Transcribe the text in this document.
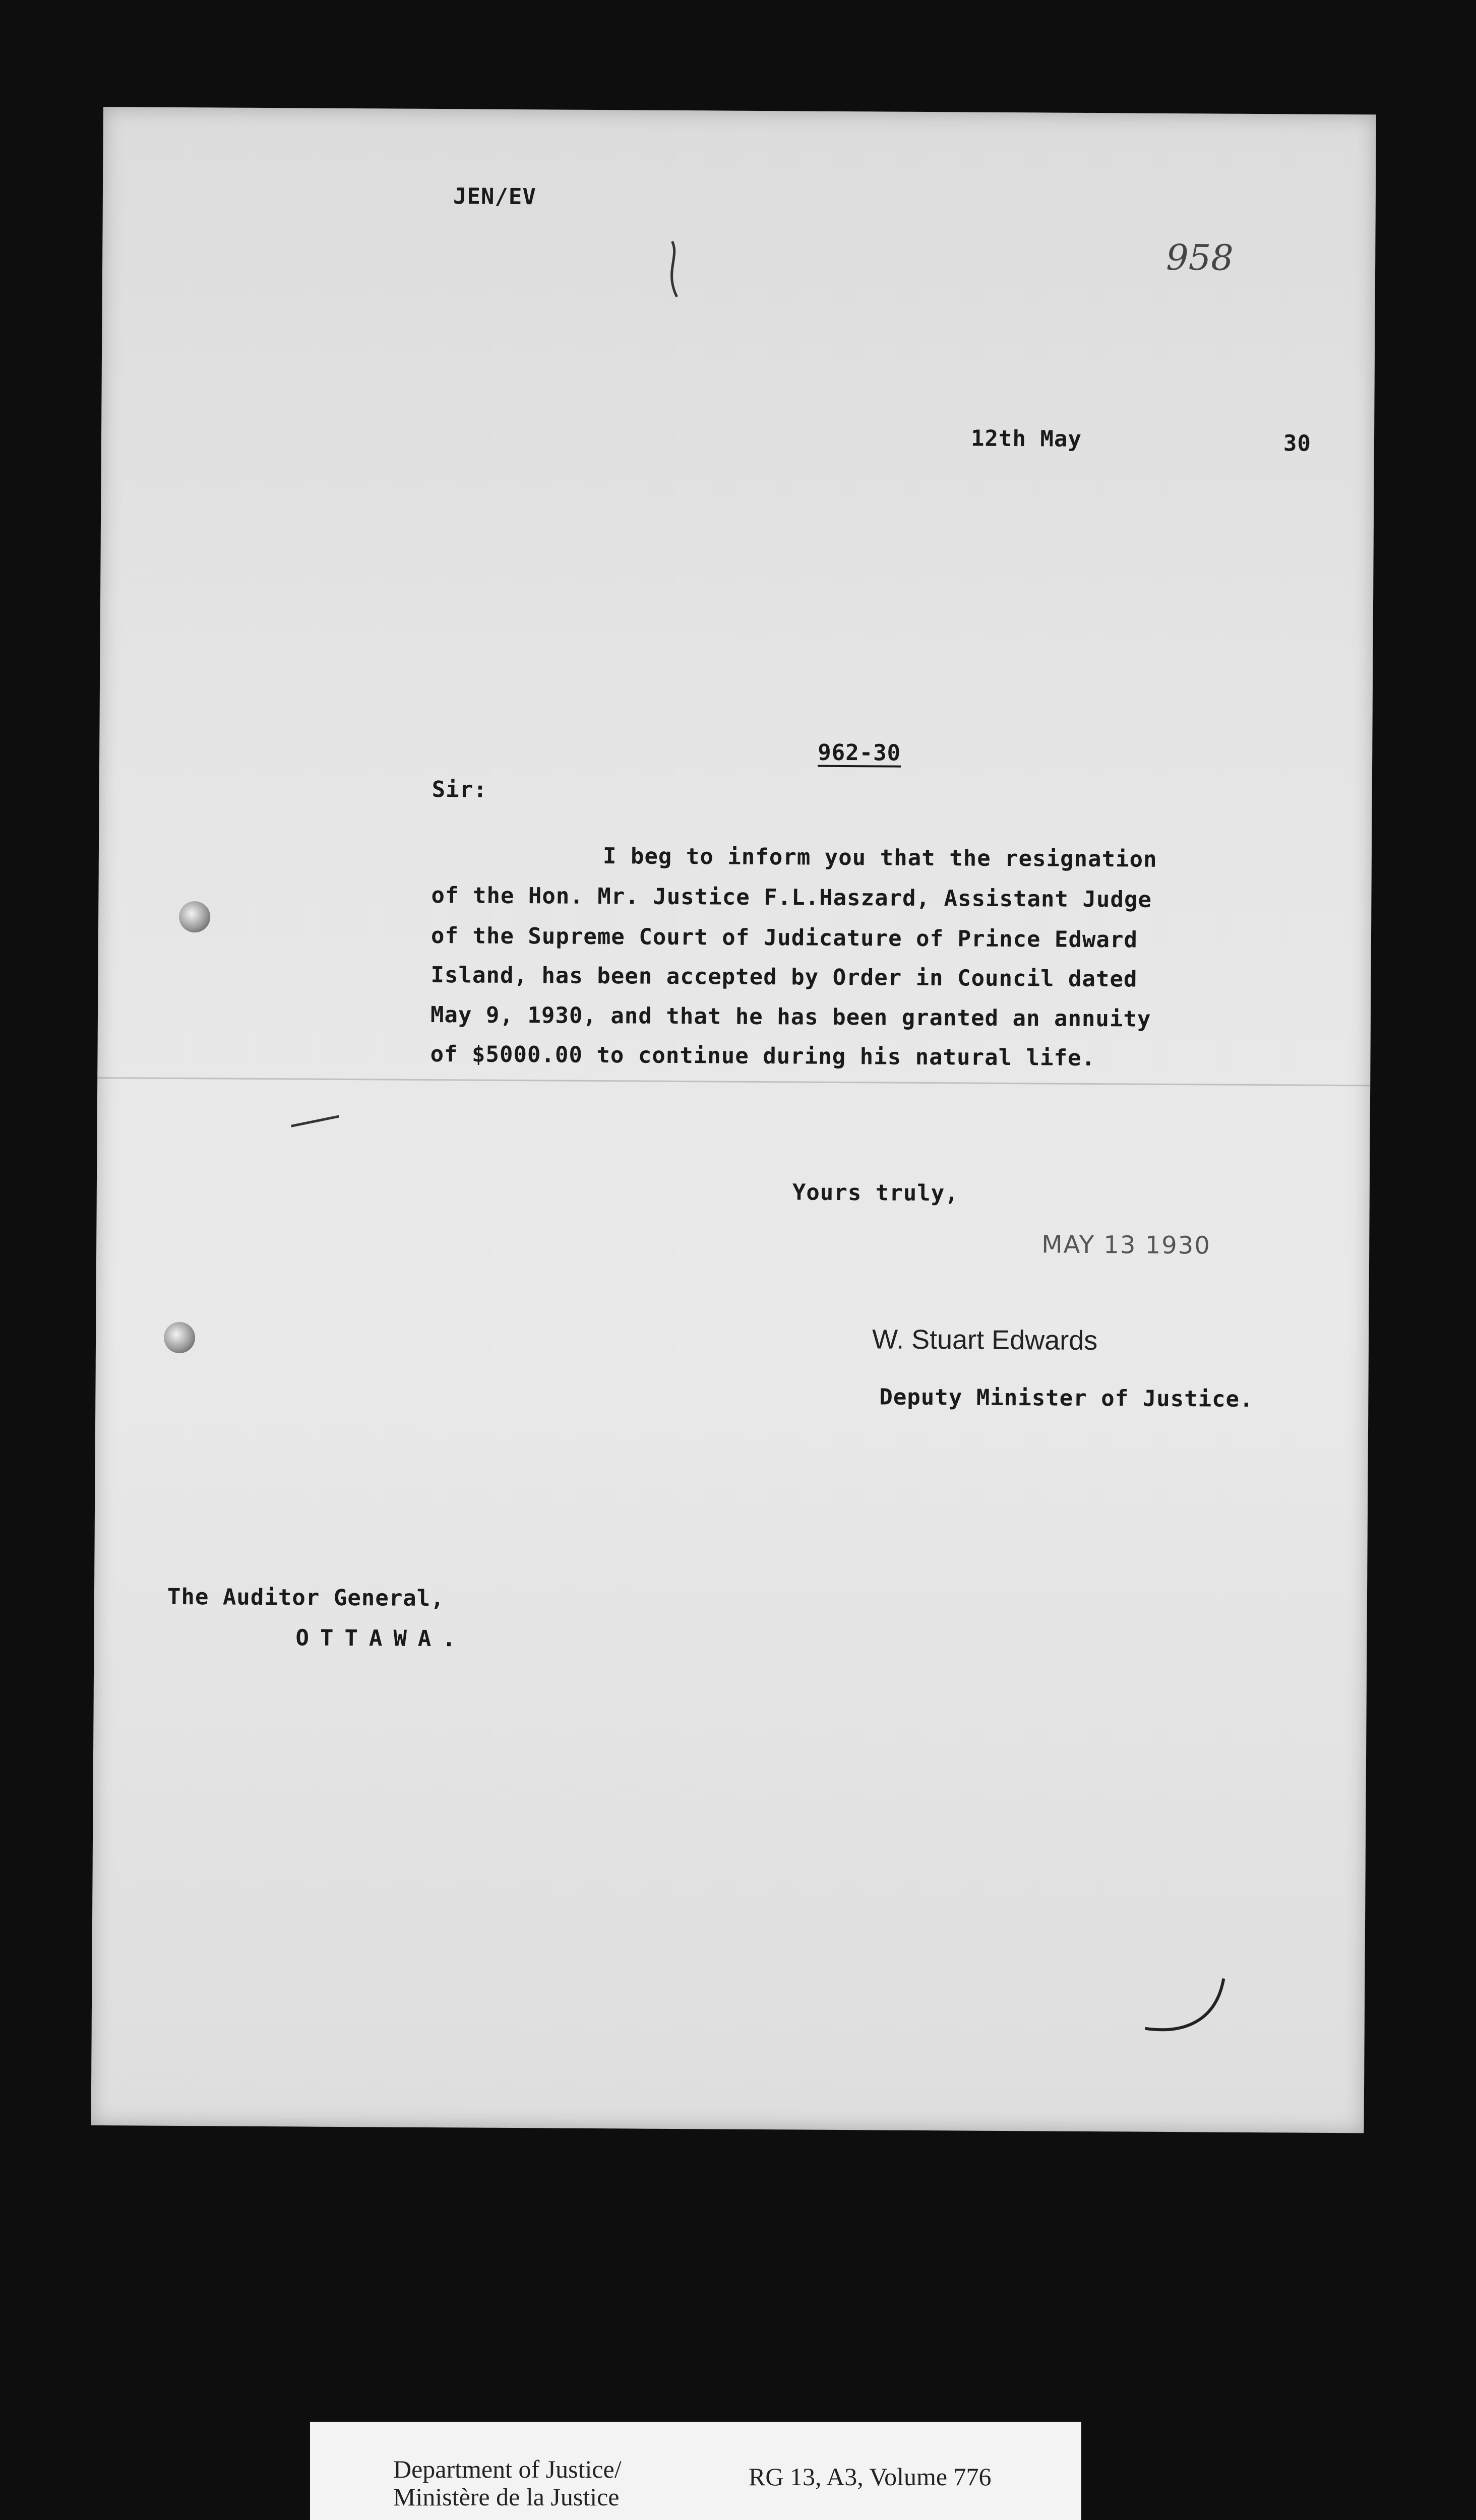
JEN/EV
958
12th May	30
962-30
Sir:
I beg to inform you that the resignation
of the Hon. Mr. Justice F.L.Haszard, Assistant Judge
of the Supreme Court of Judicature of Prince Edward
Island, has been accepted by Order in Council dated
May 9, 1930, and that he has been granted an annuity
of $5000.00 to continue during his natural life.
Yours truly,
MAY 13 1930
W. Stuart Edwards
Deputy Minister of Justice.
The Auditor General,
OTTAWA.
Department of Justice/
Ministère de la Justice
RG 13, A3, Volume 776
